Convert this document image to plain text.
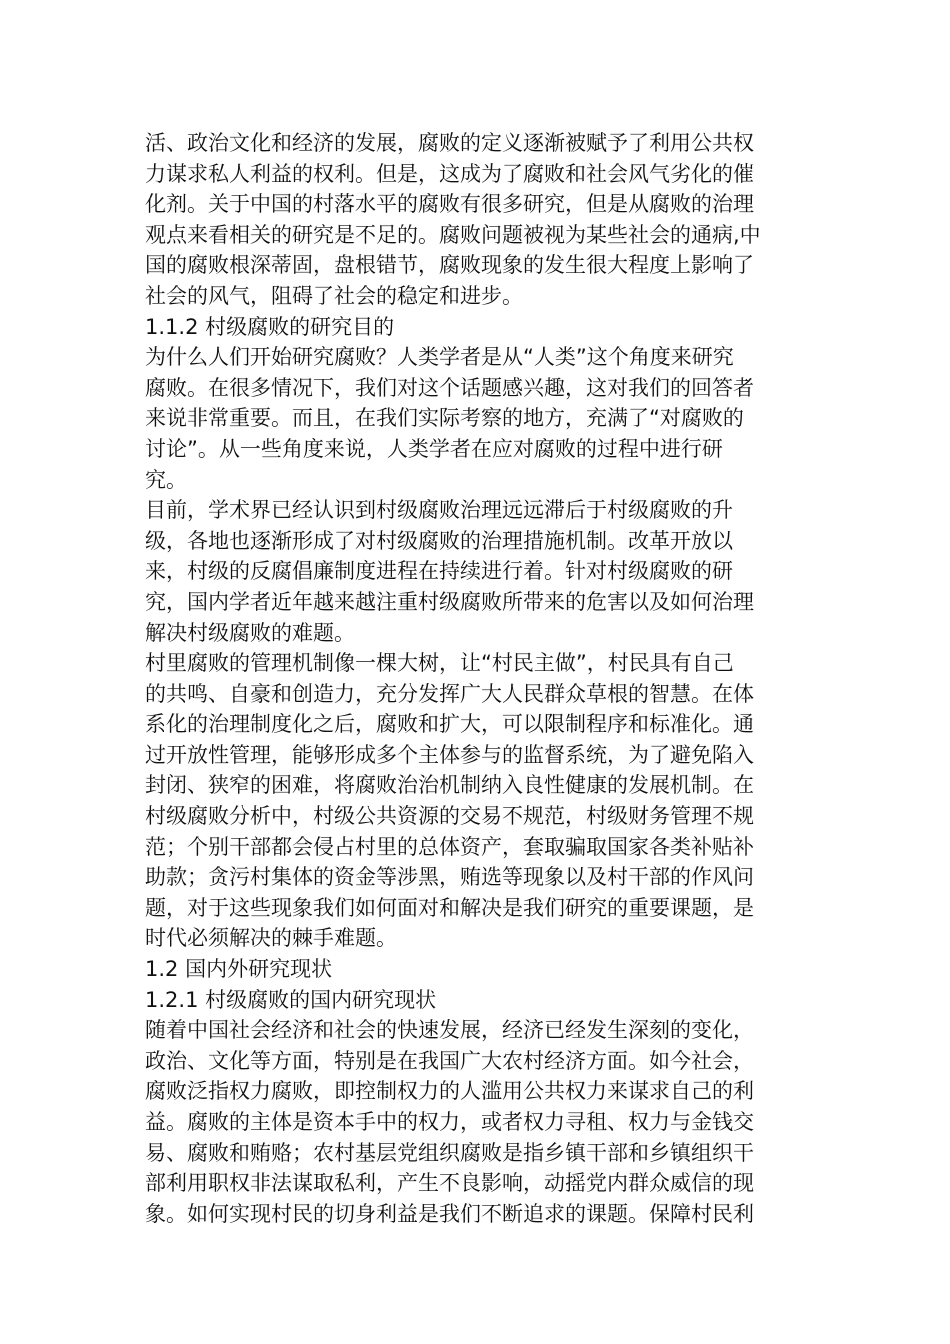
活、政治文化和经济的发展，腐败的定义逐渐被赋予了利用公共权
力谋求私人利益的权利。但是，这成为了腐败和社会风气劣化的催
化剂。关于中国的村落水平的腐败有很多研究，但是从腐败的治理
观点来看相关的研究是不足的。腐败问题被视为某些社会的通病,中
国的腐败根深蒂固，盘根错节，腐败现象的发生很大程度上影响了
社会的风气，阻碍了社会的稳定和进步。
1.1.2 村级腐败的研究目的
为什么人们开始研究腐败？人类学者是从“人类”这个角度来研究
腐败。在很多情况下，我们对这个话题感兴趣，这对我们的回答者
来说非常重要。而且，在我们实际考察的地方，充满了“对腐败的
讨论”。从一些角度来说，人类学者在应对腐败的过程中进行研
究。
目前，学术界已经认识到村级腐败治理远远滞后于村级腐败的升
级，各地也逐渐形成了对村级腐败的治理措施机制。改革开放以
来，村级的反腐倡廉制度进程在持续进行着。针对村级腐败的研
究，国内学者近年越来越注重村级腐败所带来的危害以及如何治理
解决村级腐败的难题。
村里腐败的管理机制像一棵大树，让“村民主做”，村民具有自己
的共鸣、自豪和创造力，充分发挥广大人民群众草根的智慧。在体
系化的治理制度化之后，腐败和扩大，可以限制程序和标准化。通
过开放性管理，能够形成多个主体参与的监督系统，为了避免陷入
封闭、狭窄的困难，将腐败治治机制纳入良性健康的发展机制。在
村级腐败分析中，村级公共资源的交易不规范，村级财务管理不规
范；个别干部都会侵占村里的总体资产，套取骗取国家各类补贴补
助款；贪污村集体的资金等涉黑，贿选等现象以及村干部的作风问
题，对于这些现象我们如何面对和解决是我们研究的重要课题，是
时代必须解决的棘手难题。
1.2 国内外研究现状
1.2.1 村级腐败的国内研究现状
随着中国社会经济和社会的快速发展，经济已经发生深刻的变化，
政治、文化等方面，特别是在我国广大农村经济方面。如今社会，
腐败泛指权力腐败，即控制权力的人滥用公共权力来谋求自己的利
益。腐败的主体是资本手中的权力，或者权力寻租、权力与金钱交
易、腐败和贿赂；农村基层党组织腐败是指乡镇干部和乡镇组织干
部利用职权非法谋取私利，产生不良影响，动摇党内群众威信的现
象。如何实现村民的切身利益是我们不断追求的课题。保障村民利
